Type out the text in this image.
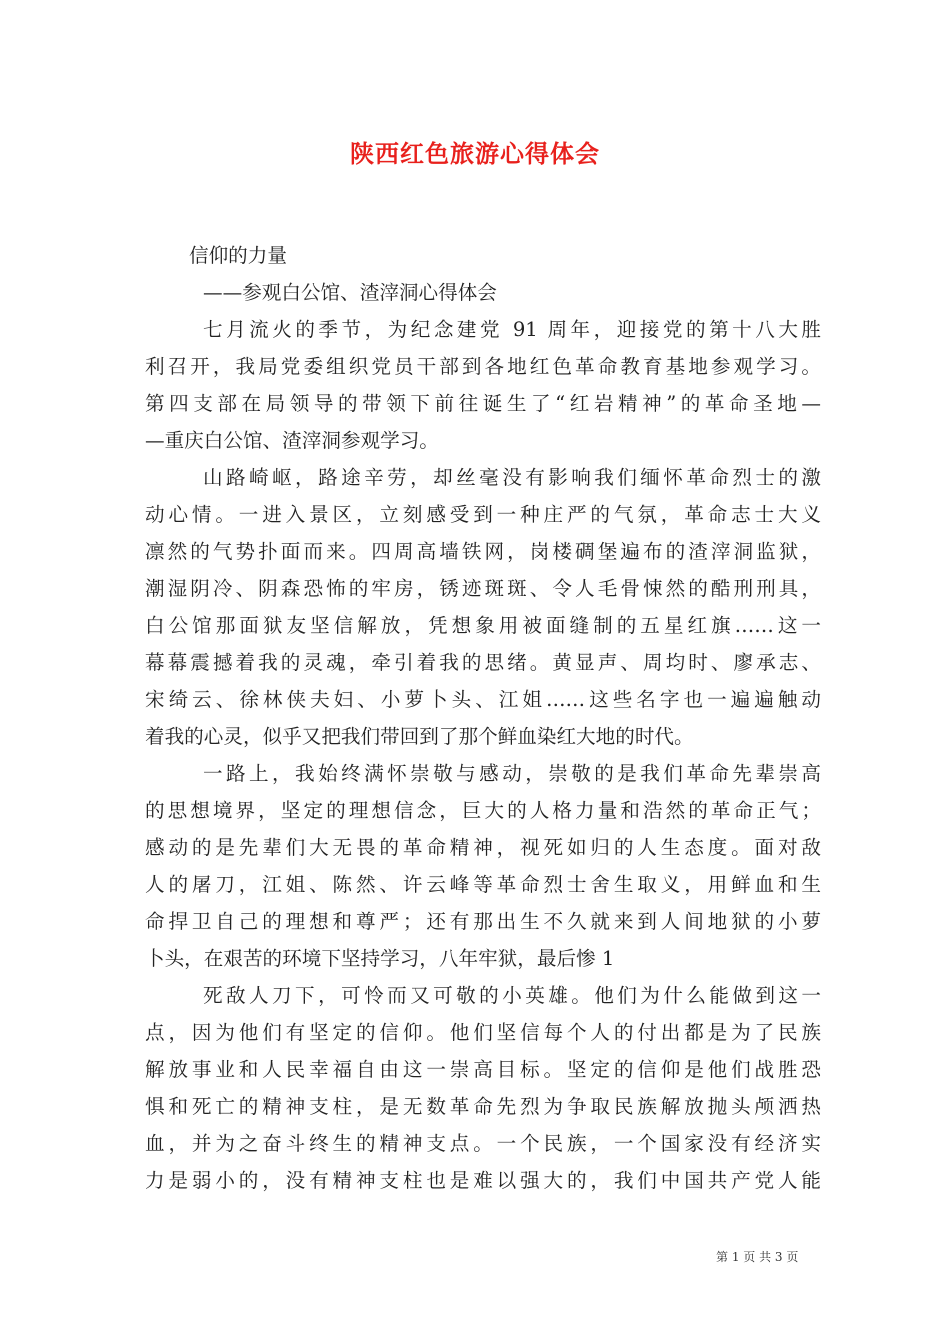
陕西红色旅游心得体会
信仰的力量
——参观白公馆、渣滓洞心得体会
七月流火的季节，为纪念建党 91 周年，迎接党的第十八大胜
利召开，我局党委组织党员干部到各地红色革命教育基地参观学习。
第四支部在局领导的带领下前往诞生了“红岩精神”的革命圣地—
—重庆白公馆、渣滓洞参观学习。
山路崎岖，路途辛劳，却丝毫没有影响我们缅怀革命烈士的激
动心情。一进入景区，立刻感受到一种庄严的气氛，革命志士大义
凛然的气势扑面而来。四周高墙铁网，岗楼碉堡遍布的渣滓洞监狱，
潮湿阴冷、阴森恐怖的牢房，锈迹斑斑、令人毛骨悚然的酷刑刑具，
白公馆那面狱友坚信解放，凭想象用被面缝制的五星红旗……这一
幕幕震撼着我的灵魂，牵引着我的思绪。黄显声、周均时、廖承志、
宋绮云、徐林侠夫妇、小萝卜头、江姐……这些名字也一遍遍触动
着我的心灵，似乎又把我们带回到了那个鲜血染红大地的时代。
一路上，我始终满怀崇敬与感动，崇敬的是我们革命先辈崇高
的思想境界，坚定的理想信念，巨大的人格力量和浩然的革命正气；
感动的是先辈们大无畏的革命精神，视死如归的人生态度。面对敌
人的屠刀，江姐、陈然、许云峰等革命烈士舍生取义，用鲜血和生
命捍卫自己的理想和尊严；还有那出生不久就来到人间地狱的小萝
卜头，在艰苦的环境下坚持学习，八年牢狱，最后惨 1
死敌人刀下，可怜而又可敬的小英雄。他们为什么能做到这一
点，因为他们有坚定的信仰。他们坚信每个人的付出都是为了民族
解放事业和人民幸福自由这一崇高目标。坚定的信仰是他们战胜恐
惧和死亡的精神支柱，是无数革命先烈为争取民族解放抛头颅洒热
血，并为之奋斗终生的精神支点。一个民族，一个国家没有经济实
力是弱小的，没有精神支柱也是难以强大的，我们中国共产党人能
第 1 页 共 3 页
